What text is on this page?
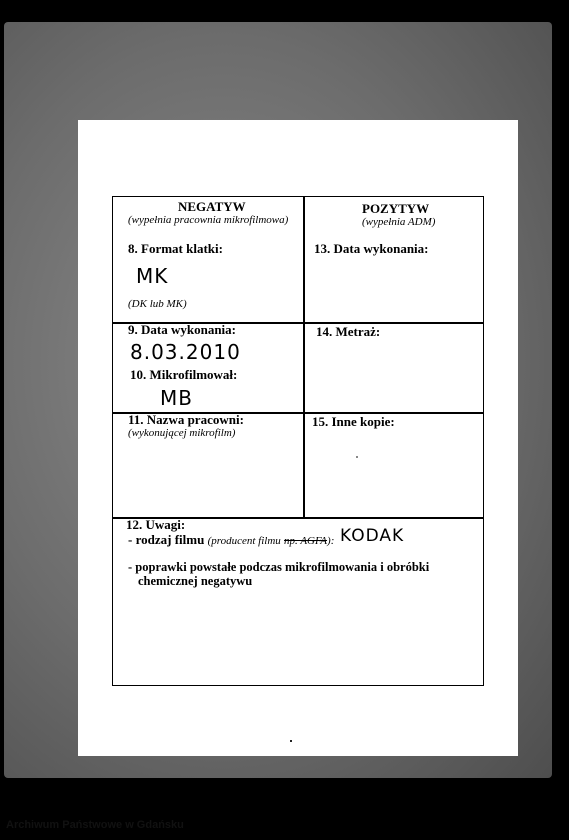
NEGATYW
(wypełnia pracownia mikrofilmowa)
POZYTYW
(wypełnia ADM)
8. Format klatki:
MK
(DK lub MK)
13. Data wykonania:
9. Data wykonania:
8.03.2010
10. Mikrofilmował:
MB
14. Metraż:
11. Nazwa pracowni:
(wykonującej mikrofilm)
15. Inne kopie:
12. Uwagi:
- rodzaj filmu (producent filmu np. AGFA): KODAK
- poprawki powstałe podczas mikrofilmowania i obróbki
chemicznej negatywu
Archiwum Państwowe w Gdańsku
